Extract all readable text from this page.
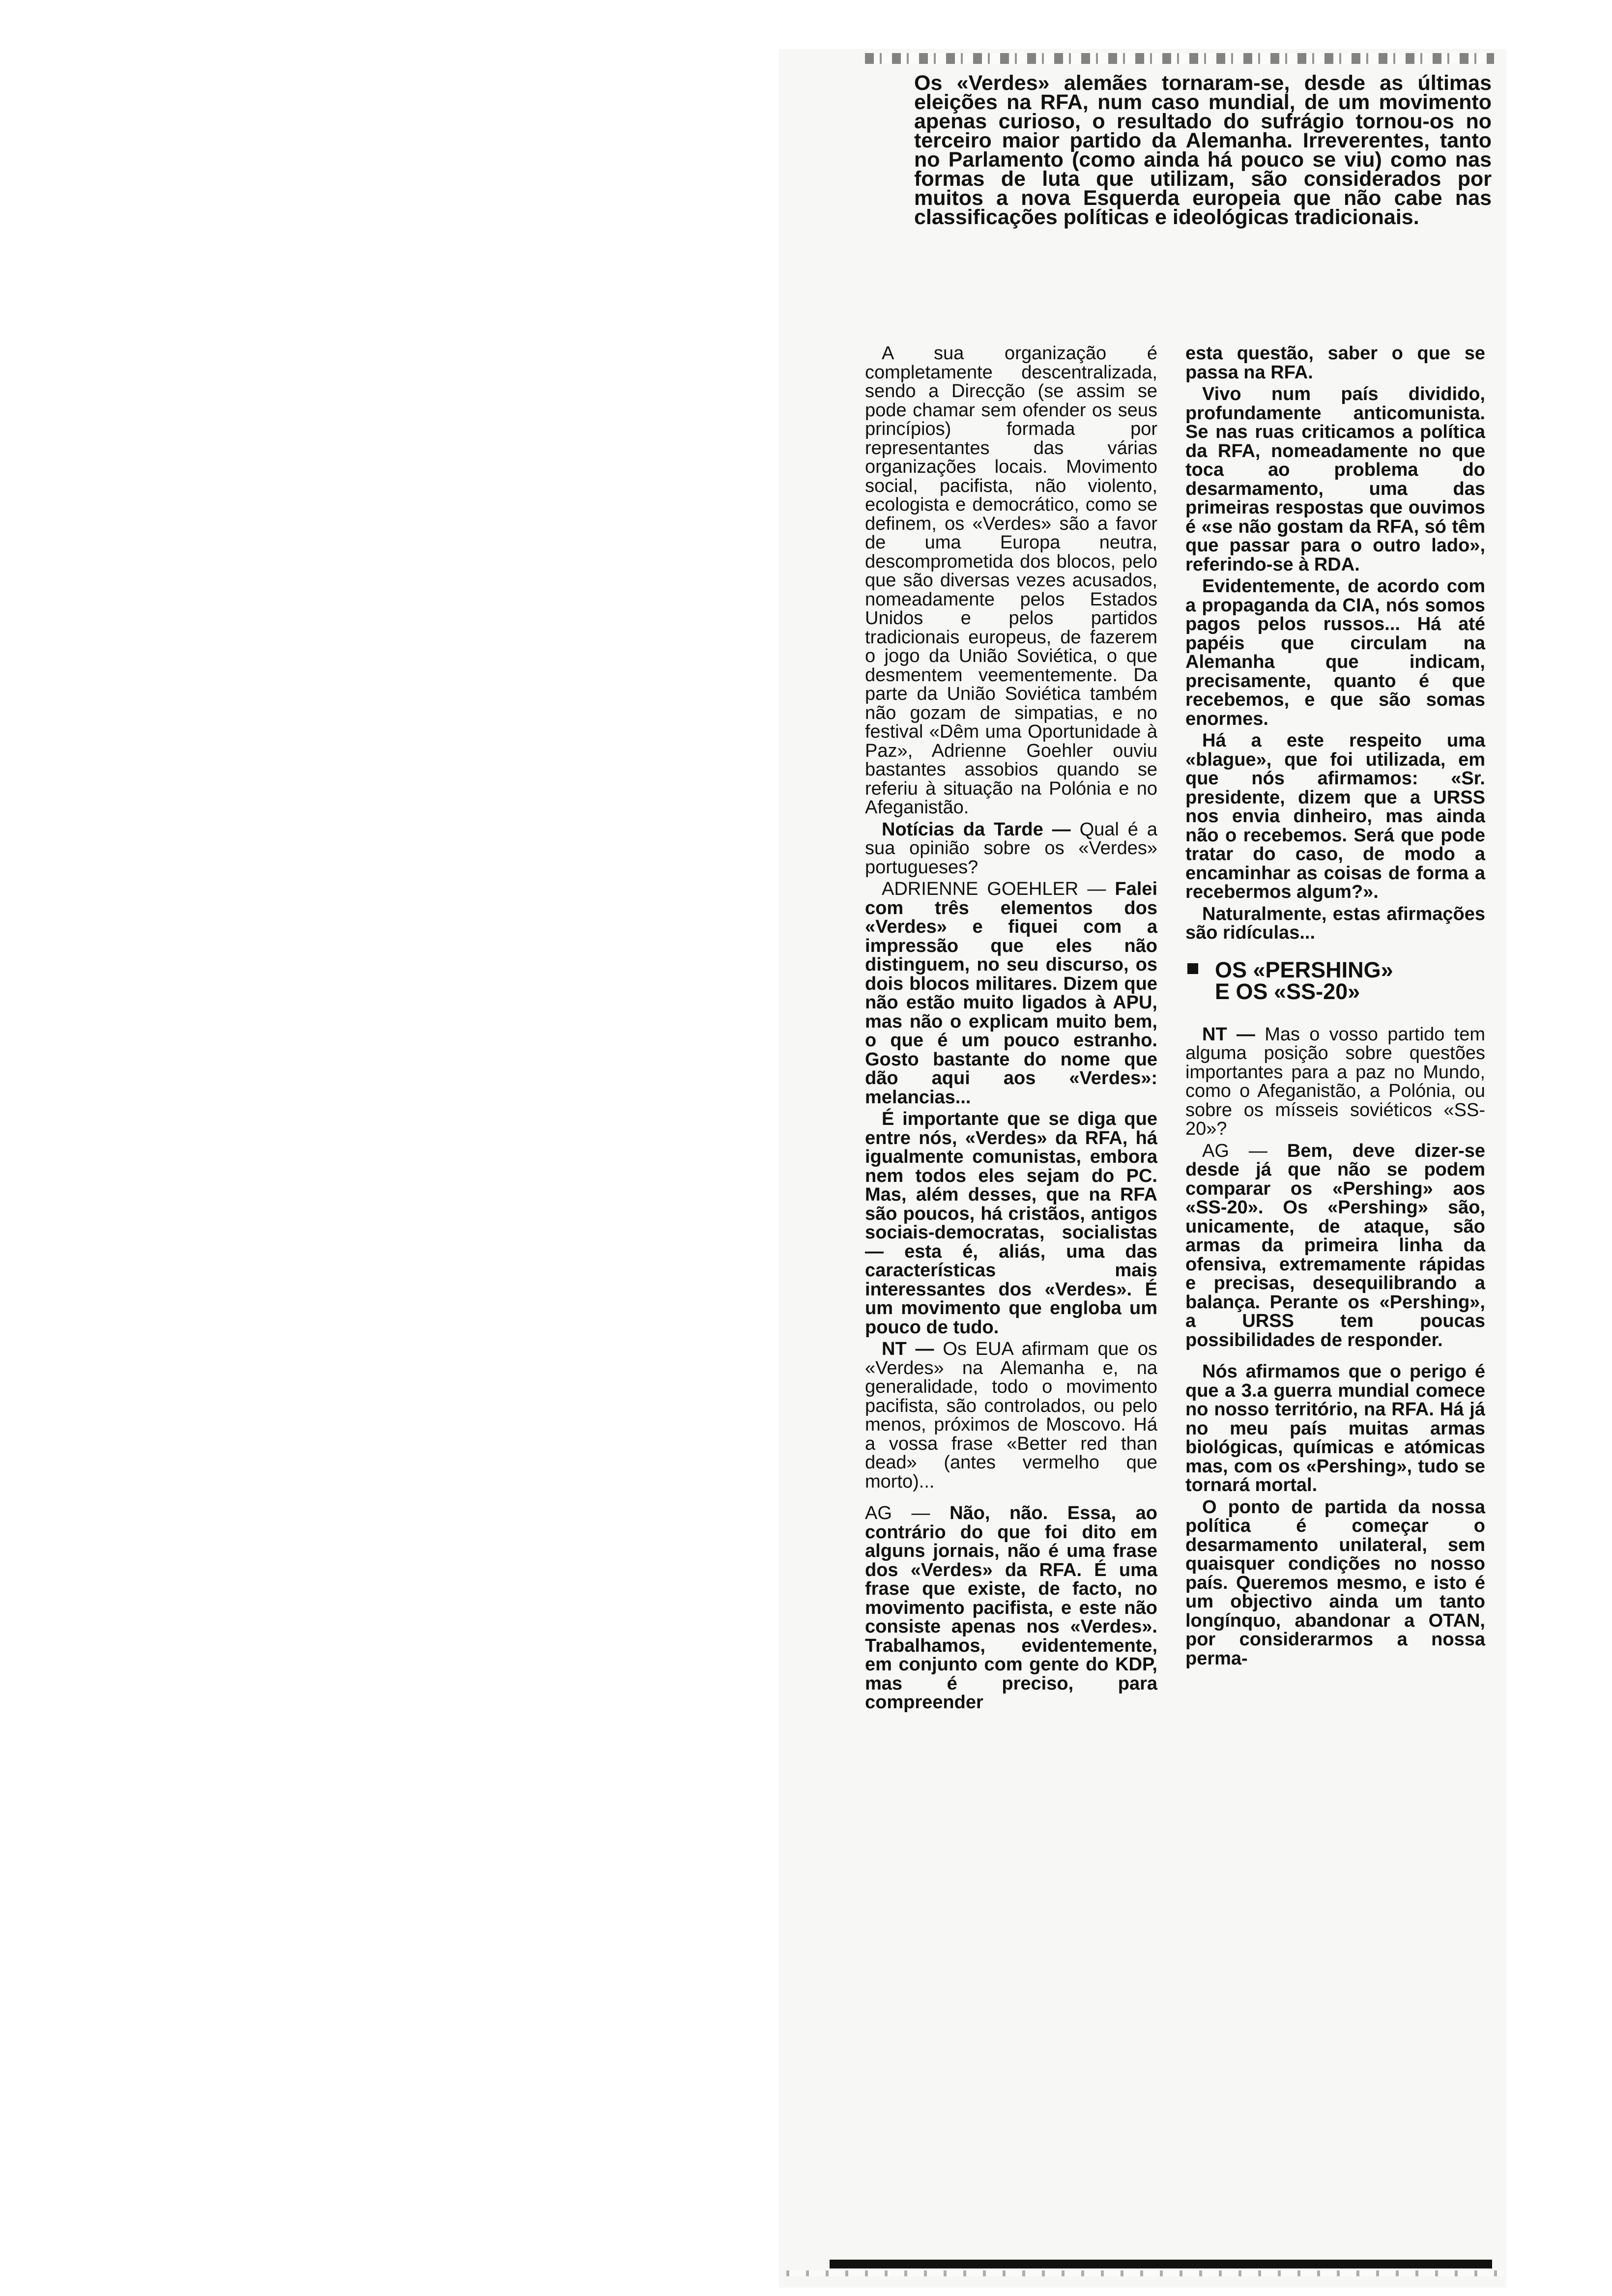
Os «Verdes» alemães tornaram-se, desde as últimas eleições na RFA, num caso mundial, de um movimento apenas curioso, o resultado do sufrágio tornou-os no terceiro maior partido da Alemanha. Irreverentes, tanto no Parlamento (como ainda há pouco se viu) como nas formas de luta que utilizam, são considerados por muitos a nova Esquerda europeia que não cabe nas classificações políticas e ideológicas tradicionais.

A sua organização é completamente descentralizada, sendo a Direcção (se assim se pode chamar sem ofender os seus princípios) formada por representantes das várias organizações locais. Movimento social, pacifista, não violento, ecologista e democrático, como se definem, os «Verdes» são a favor de uma Europa neutra, descomprometida dos blocos, pelo que são diversas vezes acusados, nomeadamente pelos Estados Unidos e pelos partidos tradicionais europeus, de fazerem o jogo da União Soviética, o que desmentem veementemente. Da parte da União Soviética também não gozam de simpatias, e no festival «Dêm uma Oportunidade à Paz», Adrienne Goehler ouviu bastantes assobios quando se referiu à situação na Polónia e no Afeganistão.

Notícias da Tarde — Qual é a sua opinião sobre os «Verdes» portugueses?

ADRIENNE GOEHLER — Falei com três elementos dos «Verdes» e fiquei com a impressão que eles não distinguem, no seu discurso, os dois blocos militares. Dizem que não estão muito ligados à APU, mas não o explicam muito bem, o que é um pouco estranho. Gosto bastante do nome que dão aqui aos «Verdes»: melancias...

É importante que se diga que entre nós, «Verdes» da RFA, há igualmente comunistas, embora nem todos eles sejam do PC. Mas, além desses, que na RFA são poucos, há cristãos, antigos sociais-democratas, socialistas — esta é, aliás, uma das características mais interessantes dos «Verdes». É um movimento que engloba um pouco de tudo.

NT — Os EUA afirmam que os «Verdes» na Alemanha e, na generalidade, todo o movimento pacifista, são controlados, ou pelo menos, próximos de Moscovo. Há a vossa frase «Better red than dead» (antes vermelho que morto)...

AG — Não, não. Essa, ao contrário do que foi dito em alguns jornais, não é uma frase dos «Verdes» da RFA. É uma frase que existe, de facto, no movimento pacifista, e este não consiste apenas nos «Verdes». Trabalhamos, evidentemente, em conjunto com gente do KDP, mas é preciso, para compreender

esta questão, saber o que se passa na RFA.

Vivo num país dividido, profundamente anticomunista. Se nas ruas criticamos a política da RFA, nomeadamente no que toca ao problema do desarmamento, uma das primeiras respostas que ouvimos é «se não gostam da RFA, só têm que passar para o outro lado», referindo-se à RDA.

Evidentemente, de acordo com a propaganda da CIA, nós somos pagos pelos russos... Há até papéis que circulam na Alemanha que indicam, precisamente, quanto é que recebemos, e que são somas enormes.

Há a este respeito uma «blague», que foi utilizada, em que nós afirmamos: «Sr. presidente, dizem que a URSS nos envia dinheiro, mas ainda não o recebemos. Será que pode tratar do caso, de modo a encaminhar as coisas de forma a recebermos algum?».

Naturalmente, estas afirmações são ridículas...

OS «PERSHING»
E OS «SS-20»

NT — Mas o vosso partido tem alguma posição sobre questões importantes para a paz no Mundo, como o Afeganistão, a Polónia, ou sobre os mísseis soviéticos «SS-20»?

AG — Bem, deve dizer-se desde já que não se podem comparar os «Pershing» aos «SS-20». Os «Pershing» são, unicamente, de ataque, são armas da primeira linha da ofensiva, extremamente rápidas e precisas, desequilibrando a balança. Perante os «Pershing», a URSS tem poucas possibilidades de responder.

Nós afirmamos que o perigo é que a 3.a guerra mundial comece no nosso território, na RFA. Há já no meu país muitas armas biológicas, químicas e atómicas mas, com os «Pershing», tudo se tornará mortal.

O ponto de partida da nossa política é começar o desarmamento unilateral, sem quaisquer condições no nosso país. Queremos mesmo, e isto é um objectivo ainda um tanto longínquo, abandonar a OTAN, por considerarmos a nossa perma-
